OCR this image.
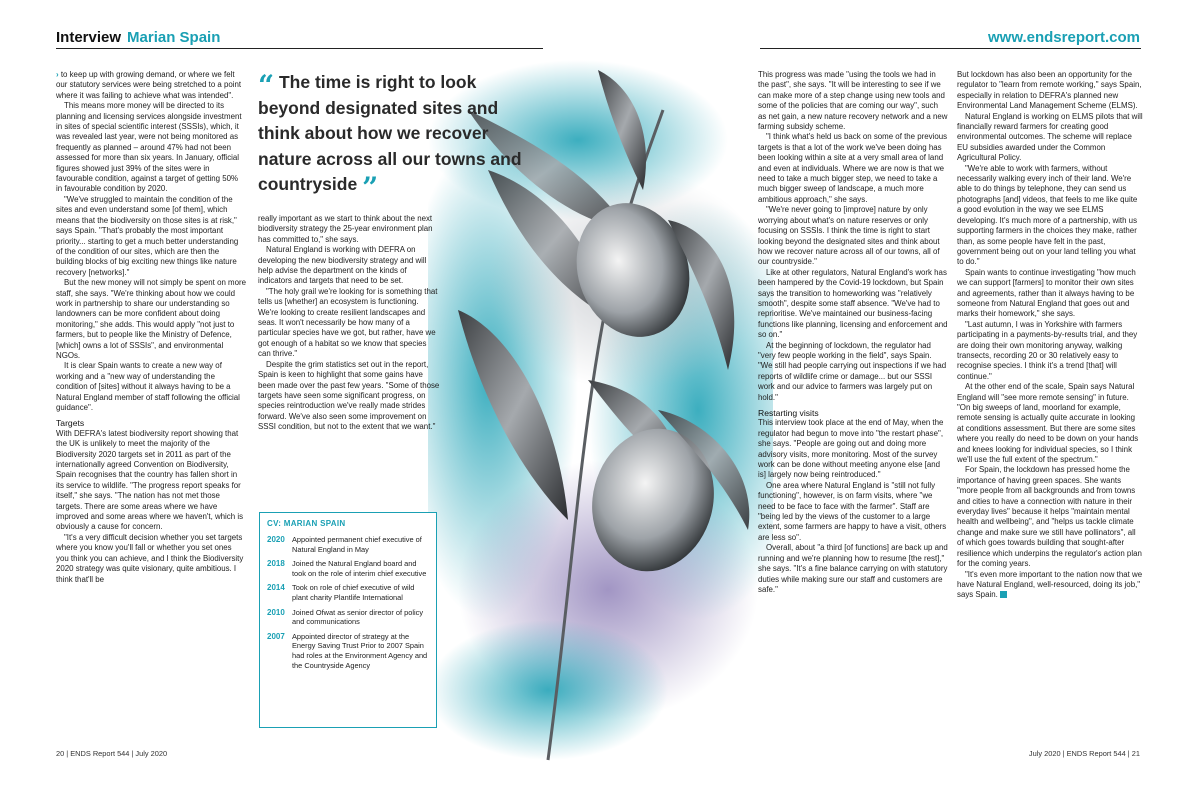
Interview Marian Spain	www.endsreport.com
“ The time is right to look beyond designated sites and think about how we recover nature across all our towns and countryside ”

› to keep up with growing demand, or where we felt our statutory services were being stretched to a point where it was failing to achieve what was intended".

This means more money will be directed to its planning and licensing services alongside investment in sites of special scientific interest (SSSIs), which, it was revealed last year, were not being monitored as frequently as planned – around 47% had not been assessed for more than six years. In January, official figures showed just 39% of the sites were in favourable condition, against a target of getting 50% in favourable condition by 2020.

"We've struggled to maintain the condition of the sites and even understand some [of them], which means that the biodiversity on those sites is at risk," says Spain. "That's probably the most important priority... starting to get a much better understanding of the condition of our sites, which are then the building blocks of big exciting new things like nature recovery [networks]."

But the new money will not simply be spent on more staff, she says. "We're thinking about how we could work in partnership to share our understanding so landowners can be more confident about doing monitoring," she adds. This would apply "not just to farmers, but to people like the Ministry of Defence, [which] owns a lot of SSSIs", and environmental NGOs.

It is clear Spain wants to create a new way of working and a "new way of understanding the condition of [sites] without it always having to be a Natural England member of staff following the official guidance".

Targets

With DEFRA's latest biodiversity report showing that the UK is unlikely to meet the majority of the Biodiversity 2020 targets set in 2011 as part of the internationally agreed Convention on Biodiversity, Spain recognises that the country has fallen short in its service to wildlife. "The progress report speaks for itself," she says. "The nation has not met those targets. There are some areas where we have improved and some areas where we haven't, which is obviously a cause for concern.

"It's a very difficult decision whether you set targets where you know you'll fall or whether you set ones you think you can achieve, and I think the Biodiversity 2020 strategy was quite visionary, quite ambitious. I think that'll be

really important as we start to think about the next biodiversity strategy the 25-year environment plan has committed to," she says.

Natural England is working with DEFRA on developing the new biodiversity strategy and will help advise the department on the kinds of indicators and targets that need to be set.

"The holy grail we're looking for is something that tells us [whether] an ecosystem is functioning. We're looking to create resilient landscapes and seas. It won't necessarily be how many of a particular species have we got, but rather, have we got enough of a habitat so we know that species can thrive."

Despite the grim statistics set out in the report, Spain is keen to highlight that some gains have been made over the past few years. "Some of those targets have seen some significant progress, on species reintroduction we've really made strides forward. We've also seen some improvement on SSSI condition, but not to the extent that we want."

CV: MARIAN SPAIN
2020 Appointed permanent chief executive of Natural England in May
2018 Joined the Natural England board and took on the role of interim chief executive
2014 Took on role of chief executive of wild plant charity Plantlife International
2010 Joined Ofwat as senior director of policy and communications
2007 Appointed director of strategy at the Energy Saving Trust Prior to 2007 Spain had roles at the Environment Agency and the Countryside Agency

This progress was made "using the tools we had in the past", she says. "It will be interesting to see if we can make more of a step change using new tools and some of the policies that are coming our way", such as net gain, a new nature recovery network and a new farming subsidy scheme.

"I think what's held us back on some of the previous targets is that a lot of the work we've been doing has been looking within a site at a very small area of land and even at individuals. Where we are now is that we need to take a much bigger step, we need to take a much bigger sweep of landscape, a much more ambitious approach," she says.

"We're never going to [improve] nature by only worrying about what's on nature reserves or only focusing on SSSIs. I think the time is right to start looking beyond the designated sites and think about how we recover nature across all of our towns, all of our countryside."

Like at other regulators, Natural England's work has been hampered by the Covid-19 lockdown, but Spain says the transition to homeworking was "relatively smooth", despite some staff absence. "We've had to reprioritise. We've maintained our business-facing functions like planning, licensing and enforcement and so on."

At the beginning of lockdown, the regulator had "very few people working in the field", says Spain. "We still had people carrying out inspections if we had reports of wildlife crime or damage... but our SSSI work and our advice to farmers was largely put on hold."

Restarting visits

This interview took place at the end of May, when the regulator had begun to move into "the restart phase", she says. "People are going out and doing more advisory visits, more monitoring. Most of the survey work can be done without meeting anyone else [and is] largely now being reintroduced."

One area where Natural England is "still not fully functioning", however, is on farm visits, where "we need to be face to face with the farmer". Staff are "being led by the views of the customer to a large extent, some farmers are happy to have a visit, others are less so".

Overall, about "a third [of functions] are back up and running and we're planning how to resume [the rest]," she says. "It's a fine balance carrying on with statutory duties while making sure our staff and customers are safe."

But lockdown has also been an opportunity for the regulator to "learn from remote working," says Spain, especially in relation to DEFRA's planned new Environmental Land Management Scheme (ELMS).

Natural England is working on ELMS pilots that will financially reward farmers for creating good environmental outcomes. The scheme will replace EU subsidies awarded under the Common Agricultural Policy.

"We're able to work with farmers, without necessarily walking every inch of their land. We're able to do things by telephone, they can send us photographs [and] videos, that feels to me like quite a good evolution in the way we see ELMS developing. It's much more of a partnership, with us supporting farmers in the choices they make, rather than, as some people have felt in the past, government being out on your land telling you what to do."

Spain wants to continue investigating "how much we can support [farmers] to monitor their own sites and agreements, rather than it always having to be someone from Natural England that goes out and marks their homework," she says.

"Last autumn, I was in Yorkshire with farmers participating in a payments-by-results trial, and they are doing their own monitoring anyway, walking transects, recording 20 or 30 relatively easy to recognise species. I think it's a trend [that] will continue."

At the other end of the scale, Spain says Natural England will "see more remote sensing" in future. "On big sweeps of land, moorland for example, remote sensing is actually quite accurate in looking at conditions assessment. But there are some sites where you really do need to be down on your hands and knees looking for individual species, so I think we'll use the full extent of the spectrum."

For Spain, the lockdown has pressed home the importance of having green spaces. She wants "more people from all backgrounds and from towns and cities to have a connection with nature in their everyday lives" because it helps "maintain mental health and wellbeing", and "helps us tackle climate change and make sure we still have pollinators", all of which goes towards building that sought-after resilience which underpins the regulator's action plan for the coming years.

"It's even more important to the nation now that we have Natural England, well-resourced, doing its job," says Spain.

20 | ENDS Report 544 | July 2020	July 2020 | ENDS Report 544 | 21
